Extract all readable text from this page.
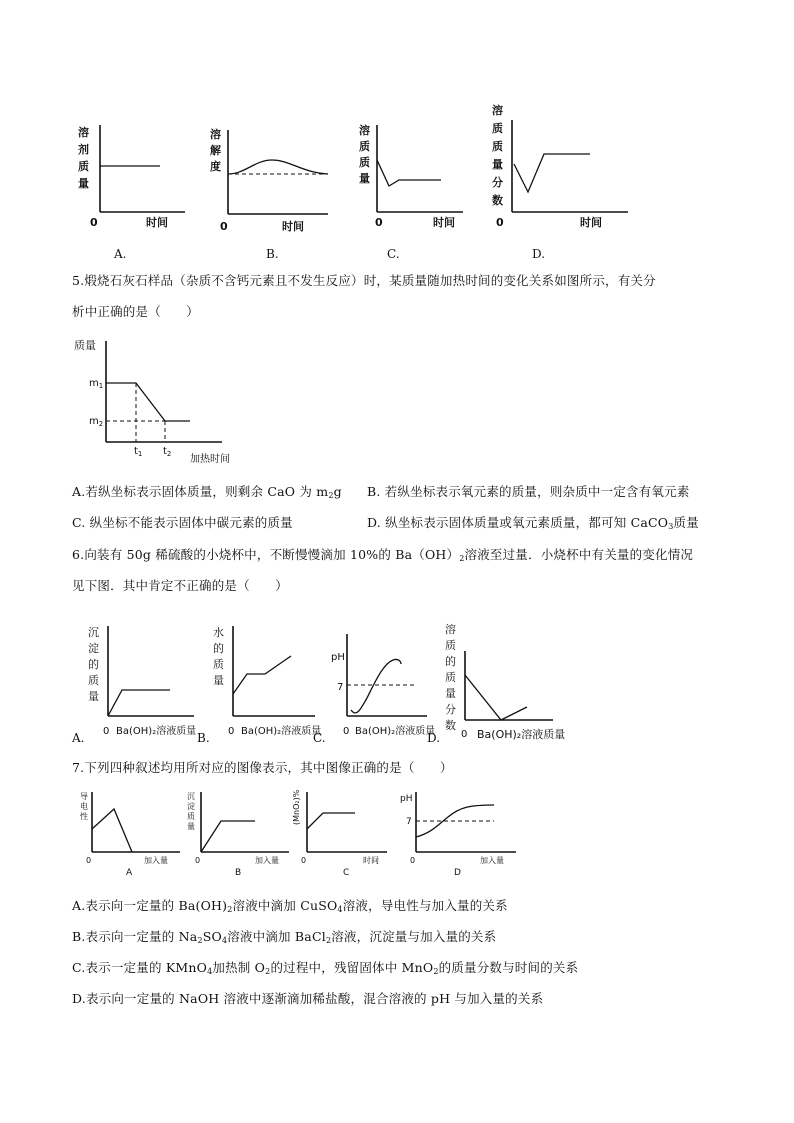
溶
剂
质
量
0	时间
A.
溶
解
度
0	时间
B.
溶
质
质
量
0	时间
C.
溶
质
质
量
分
数
0	时间
D.
5.煅烧石灰石样品（杂质不含钙元素且不发生反应）时，某质量随加热时间的变化关系如图所示，有关分
析中正确的是（　　）
质量
$m_1$
$m_2$
$t_1$ $t_2$ 加热时间
A.若纵坐标表示固体质量，则剩余 CaO 为 $m_2g$ B. 若纵坐标表示氧元素的质量，则杂质中一定含有氧元素
C. 纵坐标不能表示固体中碳元素的质量	D. 纵坐标表示固体质量或氧元素质量，都可知 CaCO$_3$质量
6.向装有 50g 稀硫酸的小烧杯中，不断慢慢滴加 10%的 $Ba(OH)_2$溶液至过量．小烧杯中有关量的变化情况
见下图．其中肯定不正确的是（　　）
沉
淀
的
质
量
0 Ba(OH)₂溶液质量
A.
水
的
质
量
0 Ba(OH)₂溶液质量
B.
pH
7
0 Ba(OH)₂溶液质量
C.
溶
质
的
质
量
分
数
0 Ba(OH)₂溶液质量
D.
7.下列四种叙述均用所对应的图像表示，其中图像正确的是（　　）
导
电
性
0	加入量
A
沉
淀
质
量
0	加入量
B
(MnO₂)%
0	时间
C
pH
7
0	加入量
D
A.表示向一定量的 $Ba(OH)_2$溶液中滴加 CuSO$_4$溶液，导电性与加入量的关系
B.表示向一定量的 $Na_2SO_4$溶液中滴加 BaCl$_2$溶液，沉淀量与加入量的关系
C.表示一定量的 KMnO$_4$加热制 $O_2$的过程中，残留固体中 MnO$_2$的质量分数与时间的关系
D.表示向一定量的 NaOH 溶液中逐渐滴加稀盐酸，混合溶液的 pH 与加入量的关系
